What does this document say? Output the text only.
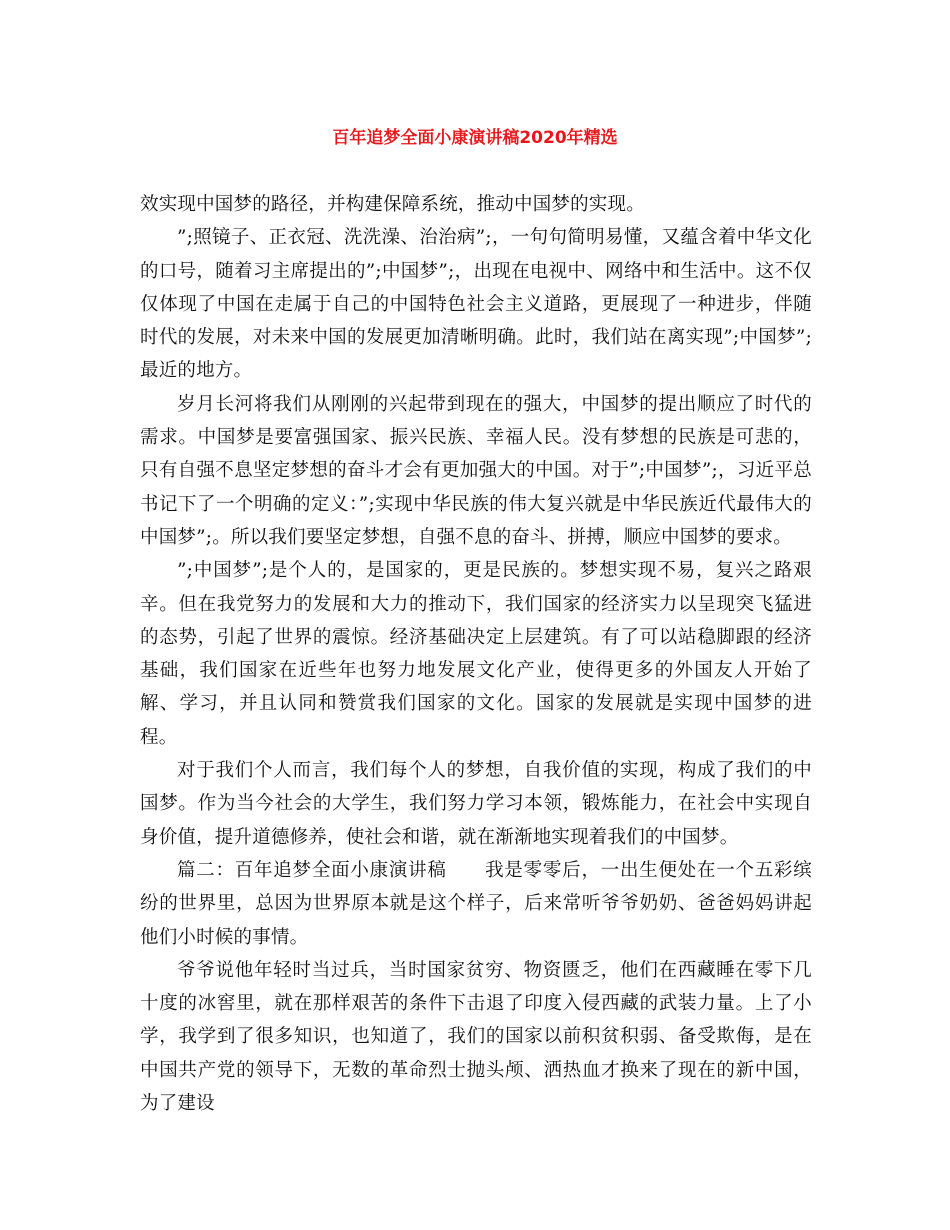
百年追梦全面小康演讲稿2020年精选

效实现中国梦的路径，并构建保障系统，推动中国梦的实现。

”;照镜子、正衣冠、洗洗澡、治治病”;，一句句简明易懂，又蕴含着中华文化的口号，随着习主席提出的”;中国梦”;，出现在电视中、网络中和生活中。这不仅仅体现了中国在走属于自己的中国特色社会主义道路，更展现了一种进步，伴随时代的发展，对未来中国的发展更加清晰明确。此时，我们站在离实现”;中国梦”;最近的地方。

岁月长河将我们从刚刚的兴起带到现在的强大，中国梦的提出顺应了时代的需求。中国梦是要富强国家、振兴民族、幸福人民。没有梦想的民族是可悲的，只有自强不息坚定梦想的奋斗才会有更加强大的中国。对于”;中国梦”;，习近平总书记下了一个明确的定义：”;实现中华民族的伟大复兴就是中华民族近代最伟大的中国梦”;。所以我们要坚定梦想，自强不息的奋斗、拼搏，顺应中国梦的要求。

”;中国梦”;是个人的，是国家的，更是民族的。梦想实现不易，复兴之路艰辛。但在我党努力的发展和大力的推动下，我们国家的经济实力以呈现突飞猛进的态势，引起了世界的震惊。经济基础决定上层建筑。有了可以站稳脚跟的经济基础，我们国家在近些年也努力地发展文化产业，使得更多的外国友人开始了解、学习，并且认同和赞赏我们国家的文化。国家的发展就是实现中国梦的进程。

对于我们个人而言，我们每个人的梦想，自我价值的实现，构成了我们的中国梦。作为当今社会的大学生，我们努力学习本领，锻炼能力，在社会中实现自身价值，提升道德修养，使社会和谐，就在渐渐地实现着我们的中国梦。

篇二：百年追梦全面小康演讲稿　　我是零零后，一出生便处在一个五彩缤纷的世界里，总因为世界原本就是这个样子，后来常听爷爷奶奶、爸爸妈妈讲起他们小时候的事情。

爷爷说他年轻时当过兵，当时国家贫穷、物资匮乏，他们在西藏睡在零下几十度的冰窖里，就在那样艰苦的条件下击退了印度入侵西藏的武装力量。上了小学，我学到了很多知识，也知道了，我们的国家以前积贫积弱、备受欺侮，是在中国共产党的领导下，无数的革命烈士抛头颅、洒热血才换来了现在的新中国，为了建设
